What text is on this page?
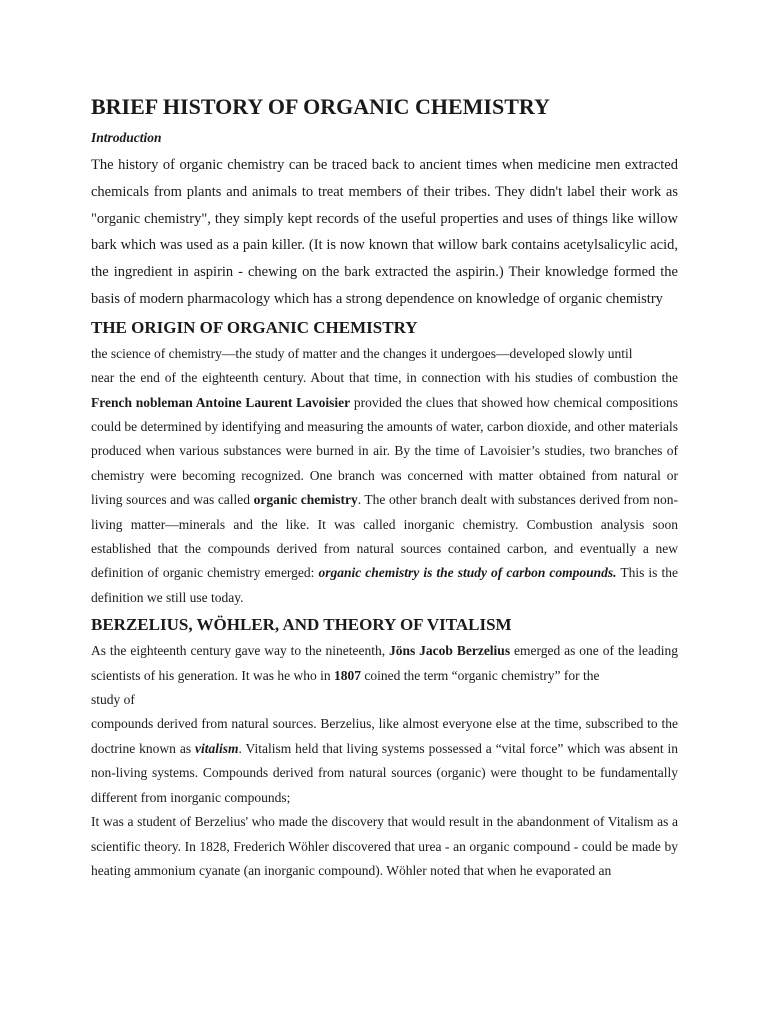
BRIEF HISTORY OF ORGANIC CHEMISTRY
Introduction

The history of organic chemistry can be traced back to ancient times when medicine men extracted chemicals from plants and animals to treat members of their tribes. They didn't label their work as "organic chemistry", they simply kept records of the useful properties and uses of things like willow bark which was used as a pain killer. (It is now known that willow bark contains acetylsalicylic acid, the ingredient in aspirin - chewing on the bark extracted the aspirin.) Their knowledge formed the basis of modern pharmacology which has a strong dependence on knowledge of organic chemistry

THE ORIGIN OF ORGANIC CHEMISTRY

the science of chemistry—the study of matter and the changes it undergoes—developed slowly until

near the end of the eighteenth century. About that time, in connection with his studies of combustion the French nobleman Antoine Laurent Lavoisier provided the clues that showed how chemical compositions could be determined by identifying and measuring the amounts of water, carbon dioxide, and other materials produced when various substances were burned in air. By the time of Lavoisier’s studies, two branches of chemistry were becoming recognized. One branch was concerned with matter obtained from natural or living sources and was called organic chemistry. The other branch dealt with substances derived from non-living matter—minerals and the like. It was called inorganic chemistry. Combustion analysis soon established that the compounds derived from natural sources contained carbon, and eventually a new definition of organic chemistry emerged: organic chemistry is the study of carbon compounds. This is the definition we still use today.

BERZELIUS, WÖHLER, AND THEORY OF VITALISM

As the eighteenth century gave way to the nineteenth, Jöns Jacob Berzelius emerged as one of the leading scientists of his generation. It was he who in 1807 coined the term “organic chemistry” for the

study of

compounds derived from natural sources. Berzelius, like almost everyone else at the time, subscribed to the doctrine known as vitalism. Vitalism held that living systems possessed a “vital force” which was absent in non-living systems. Compounds derived from natural sources (organic) were thought to be fundamentally different from inorganic compounds;

It was a student of Berzelius' who made the discovery that would result in the abandonment of Vitalism as a scientific theory. In 1828, Frederich Wöhler discovered that urea - an organic compound - could be made by heating ammonium cyanate (an inorganic compound). Wöhler noted that when he evaporated an
